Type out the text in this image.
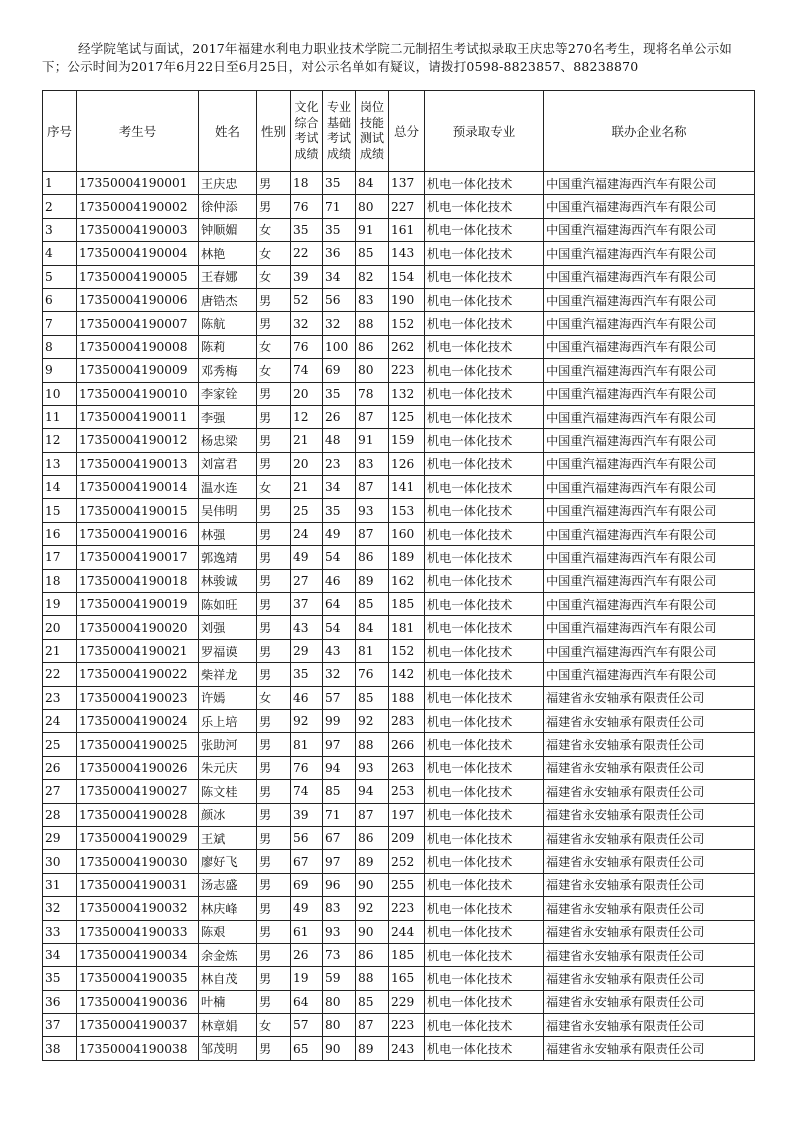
经学院笔试与面试，2017年福建水利电力职业技术学院二元制招生考试拟录取王庆忠等270名考生，现将名单公示如

下；公示时间为2017年6月22日至6月25日，对公示名单如有疑议，请拨打0598-8823857、88238870

序号	考生号	姓名	性别	文化综合考试成绩	专业基础考试成绩	岗位技能测试成绩	总分	预录取专业	联办企业名称
1	17350004190001	王庆忠	男	18	35	84	137	机电一体化技术	中国重汽福建海西汽车有限公司
2	17350004190002	徐仲添	男	76	71	80	227	机电一体化技术	中国重汽福建海西汽车有限公司
3	17350004190003	钟顺媚	女	35	35	91	161	机电一体化技术	中国重汽福建海西汽车有限公司
4	17350004190004	林艳	女	22	36	85	143	机电一体化技术	中国重汽福建海西汽车有限公司
5	17350004190005	王春娜	女	39	34	82	154	机电一体化技术	中国重汽福建海西汽车有限公司
6	17350004190006	唐锆杰	男	52	56	83	190	机电一体化技术	中国重汽福建海西汽车有限公司
7	17350004190007	陈航	男	32	32	88	152	机电一体化技术	中国重汽福建海西汽车有限公司
8	17350004190008	陈莉	女	76	100	86	262	机电一体化技术	中国重汽福建海西汽车有限公司
9	17350004190009	邓秀梅	女	74	69	80	223	机电一体化技术	中国重汽福建海西汽车有限公司
10	17350004190010	李家铨	男	20	35	78	132	机电一体化技术	中国重汽福建海西汽车有限公司
11	17350004190011	李强	男	12	26	87	125	机电一体化技术	中国重汽福建海西汽车有限公司
12	17350004190012	杨忠梁	男	21	48	91	159	机电一体化技术	中国重汽福建海西汽车有限公司
13	17350004190013	刘富君	男	20	23	83	126	机电一体化技术	中国重汽福建海西汽车有限公司
14	17350004190014	温水连	女	21	34	87	141	机电一体化技术	中国重汽福建海西汽车有限公司
15	17350004190015	吴伟明	男	25	35	93	153	机电一体化技术	中国重汽福建海西汽车有限公司
16	17350004190016	林强	男	24	49	87	160	机电一体化技术	中国重汽福建海西汽车有限公司
17	17350004190017	郭逸靖	男	49	54	86	189	机电一体化技术	中国重汽福建海西汽车有限公司
18	17350004190018	林骏诚	男	27	46	89	162	机电一体化技术	中国重汽福建海西汽车有限公司
19	17350004190019	陈如旺	男	37	64	85	185	机电一体化技术	中国重汽福建海西汽车有限公司
20	17350004190020	刘强	男	43	54	84	181	机电一体化技术	中国重汽福建海西汽车有限公司
21	17350004190021	罗福谟	男	29	43	81	152	机电一体化技术	中国重汽福建海西汽车有限公司
22	17350004190022	柴祥龙	男	35	32	76	142	机电一体化技术	中国重汽福建海西汽车有限公司
23	17350004190023	许嫣	女	46	57	85	188	机电一体化技术	福建省永安轴承有限责任公司
24	17350004190024	乐上培	男	92	99	92	283	机电一体化技术	福建省永安轴承有限责任公司
25	17350004190025	张助河	男	81	97	88	266	机电一体化技术	福建省永安轴承有限责任公司
26	17350004190026	朱元庆	男	76	94	93	263	机电一体化技术	福建省永安轴承有限责任公司
27	17350004190027	陈文桂	男	74	85	94	253	机电一体化技术	福建省永安轴承有限责任公司
28	17350004190028	颜冰	男	39	71	87	197	机电一体化技术	福建省永安轴承有限责任公司
29	17350004190029	王斌	男	56	67	86	209	机电一体化技术	福建省永安轴承有限责任公司
30	17350004190030	廖好飞	男	67	97	89	252	机电一体化技术	福建省永安轴承有限责任公司
31	17350004190031	汤志盛	男	69	96	90	255	机电一体化技术	福建省永安轴承有限责任公司
32	17350004190032	林庆峰	男	49	83	92	223	机电一体化技术	福建省永安轴承有限责任公司
33	17350004190033	陈艰	男	61	93	90	244	机电一体化技术	福建省永安轴承有限责任公司
34	17350004190034	余金炼	男	26	73	86	185	机电一体化技术	福建省永安轴承有限责任公司
35	17350004190035	林自茂	男	19	59	88	165	机电一体化技术	福建省永安轴承有限责任公司
36	17350004190036	叶楠	男	64	80	85	229	机电一体化技术	福建省永安轴承有限责任公司
37	17350004190037	林章娟	女	57	80	87	223	机电一体化技术	福建省永安轴承有限责任公司
38	17350004190038	邹茂明	男	65	90	89	243	机电一体化技术	福建省永安轴承有限责任公司
